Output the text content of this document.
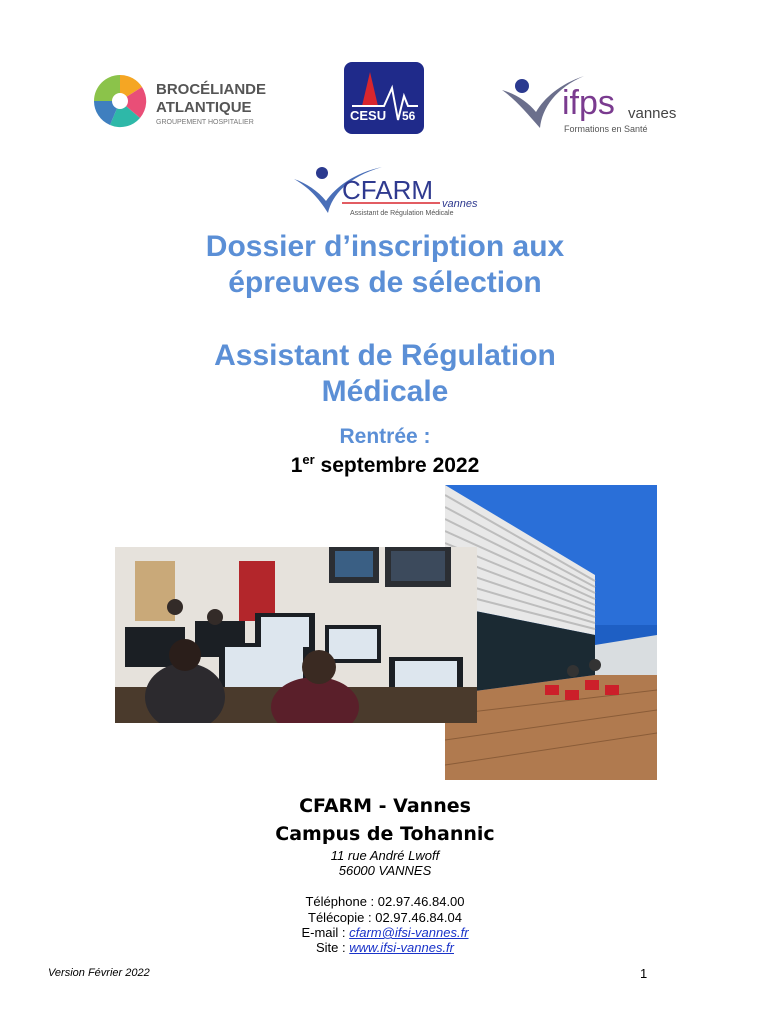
BROCÉLIANDE
ATLANTIQUE
GROUPEMENT HOSPITALIER	CESU 56	ifps vannes
Formations en Santé
CFARM vannes
Assistant de Régulation Médicale
Dossier d’inscription aux
épreuves de sélection
Assistant de Régulation
Médicale
Rentrée :
1er septembre 2022
CFARM - Vannes
Campus de Tohannic
11 rue André Lwoff
56000 VANNES
Téléphone : 02.97.46.84.00
Télécopie : 02.97.46.84.04
E-mail : cfarm@ifsi-vannes.fr
Site : www.ifsi-vannes.fr
Version Février 2022	1
